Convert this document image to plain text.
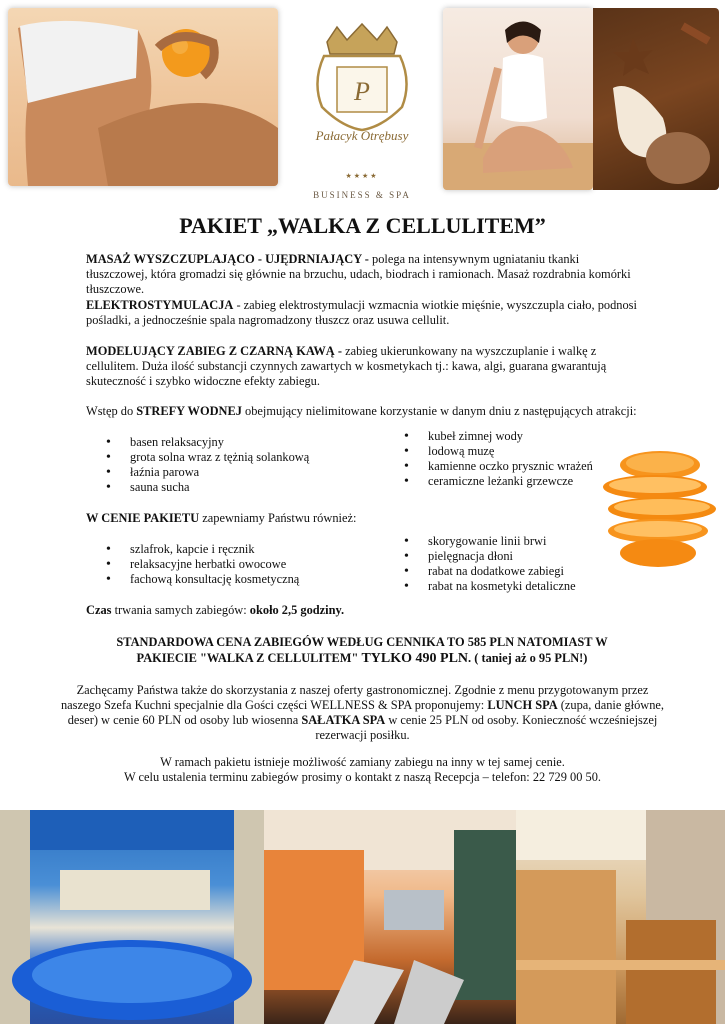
P
Pałacyk Otrębusy
★★★★
BUSINESS & SPA
PAKIET „WALKA Z CELLULITEM”

MASAŻ WYSZCZUPLAJĄCO - UJĘDRNIAJĄCY - polega na intensywnym ugniataniu tkanki tłuszczowej, która gromadzi się głównie na brzuchu, udach, biodrach i ramionach. Masaż rozdrabnia komórki tłuszczowe.

ELEKTROSTYMULACJA - zabieg elektrostymulacji wzmacnia wiotkie mięśnie, wyszczupla ciało, podnosi pośladki, a jednocześnie spala nagromadzony tłuszcz oraz usuwa cellulit.

MODELUJĄCY ZABIEG Z CZARNĄ KAWĄ - zabieg ukierunkowany na wyszczuplanie i walkę z cellulitem. Duża ilość substancji czynnych zawartych w kosmetykach tj.: kawa, algi, guarana gwarantują skuteczność i szybko widoczne efekty zabiegu.

Wstęp do STREFY WODNEJ obejmujący nielimitowane korzystanie w danym dniu z następujących atrakcji:

• basen relaksacyjny
• grota solna wraz z tężnią solankową
• łaźnia parowa
• sauna sucha
• kubeł zimnej wody
• lodową muzę
• kamienne oczko prysznic wrażeń
• ceramiczne leżanki grzewcze

W CENIE PAKIETU zapewniamy Państwu również:

• szlafrok, kapcie i ręcznik
• relaksacyjne herbatki owocowe
• fachową konsultację kosmetyczną
• skorygowanie linii brwi
• pielęgnacja dłoni
• rabat na dodatkowe zabiegi
• rabat na kosmetyki detaliczne

Czas trwania samych zabiegów: około 2,5 godziny.

STANDARDOWA CENA ZABIEGÓW WEDŁUG CENNIKA TO 585 PLN NATOMIAST W
PAKIECIE "WALKA Z CELLULITEM" TYLKO 490 PLN. ( taniej aż o 95 PLN!)

Zachęcamy Państwa także do skorzystania z naszej oferty gastronomicznej. Zgodnie z menu przygotowanym przez naszego Szefa Kuchni specjalnie dla Gości części WELLNESS & SPA proponujemy: LUNCH SPA (zupa, danie główne, deser) w cenie 60 PLN od osoby lub wiosenna SAŁATKA SPA w cenie 25 PLN od osoby. Konieczność wcześniejszej rezerwacji posiłku.

W ramach pakietu istnieje możliwość zamiany zabiegu na inny w tej samej cenie.
W celu ustalenia terminu zabiegów prosimy o kontakt z naszą Recepcja – telefon: 22 729 00 50.
